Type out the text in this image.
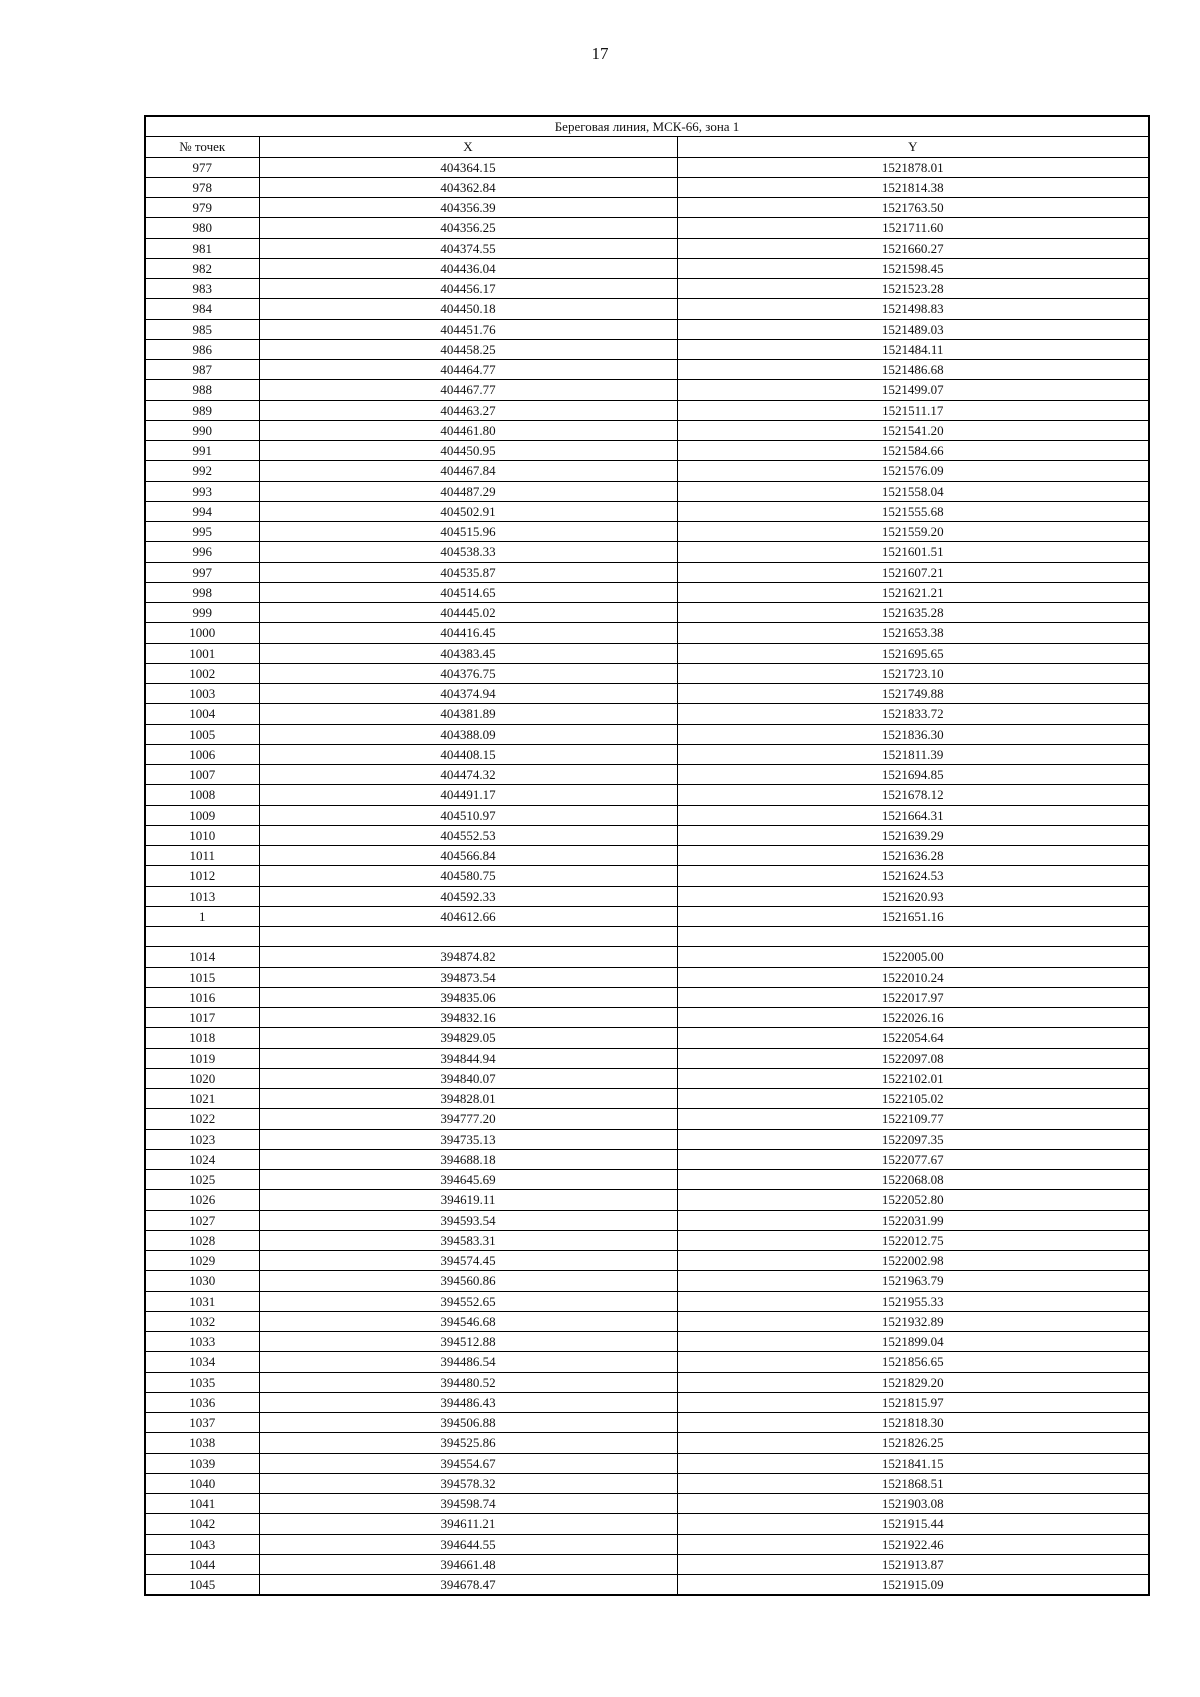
17
Береговая линия, МСК-66, зона 1		
№ точек	X	Y
977	404364.15	1521878.01
978	404362.84	1521814.38
979	404356.39	1521763.50
980	404356.25	1521711.60
981	404374.55	1521660.27
982	404436.04	1521598.45
983	404456.17	1521523.28
984	404450.18	1521498.83
985	404451.76	1521489.03
986	404458.25	1521484.11
987	404464.77	1521486.68
988	404467.77	1521499.07
989	404463.27	1521511.17
990	404461.80	1521541.20
991	404450.95	1521584.66
992	404467.84	1521576.09
993	404487.29	1521558.04
994	404502.91	1521555.68
995	404515.96	1521559.20
996	404538.33	1521601.51
997	404535.87	1521607.21
998	404514.65	1521621.21
999	404445.02	1521635.28
1000	404416.45	1521653.38
1001	404383.45	1521695.65
1002	404376.75	1521723.10
1003	404374.94	1521749.88
1004	404381.89	1521833.72
1005	404388.09	1521836.30
1006	404408.15	1521811.39
1007	404474.32	1521694.85
1008	404491.17	1521678.12
1009	404510.97	1521664.31
1010	404552.53	1521639.29
1011	404566.84	1521636.28
1012	404580.75	1521624.53
1013	404592.33	1521620.93
1	404612.66	1521651.16

1014	394874.82	1522005.00
1015	394873.54	1522010.24
1016	394835.06	1522017.97
1017	394832.16	1522026.16
1018	394829.05	1522054.64
1019	394844.94	1522097.08
1020	394840.07	1522102.01
1021	394828.01	1522105.02
1022	394777.20	1522109.77
1023	394735.13	1522097.35
1024	394688.18	1522077.67
1025	394645.69	1522068.08
1026	394619.11	1522052.80
1027	394593.54	1522031.99
1028	394583.31	1522012.75
1029	394574.45	1522002.98
1030	394560.86	1521963.79
1031	394552.65	1521955.33
1032	394546.68	1521932.89
1033	394512.88	1521899.04
1034	394486.54	1521856.65
1035	394480.52	1521829.20
1036	394486.43	1521815.97
1037	394506.88	1521818.30
1038	394525.86	1521826.25
1039	394554.67	1521841.15
1040	394578.32	1521868.51
1041	394598.74	1521903.08
1042	394611.21	1521915.44
1043	394644.55	1521922.46
1044	394661.48	1521913.87
1045	394678.47	1521915.09
